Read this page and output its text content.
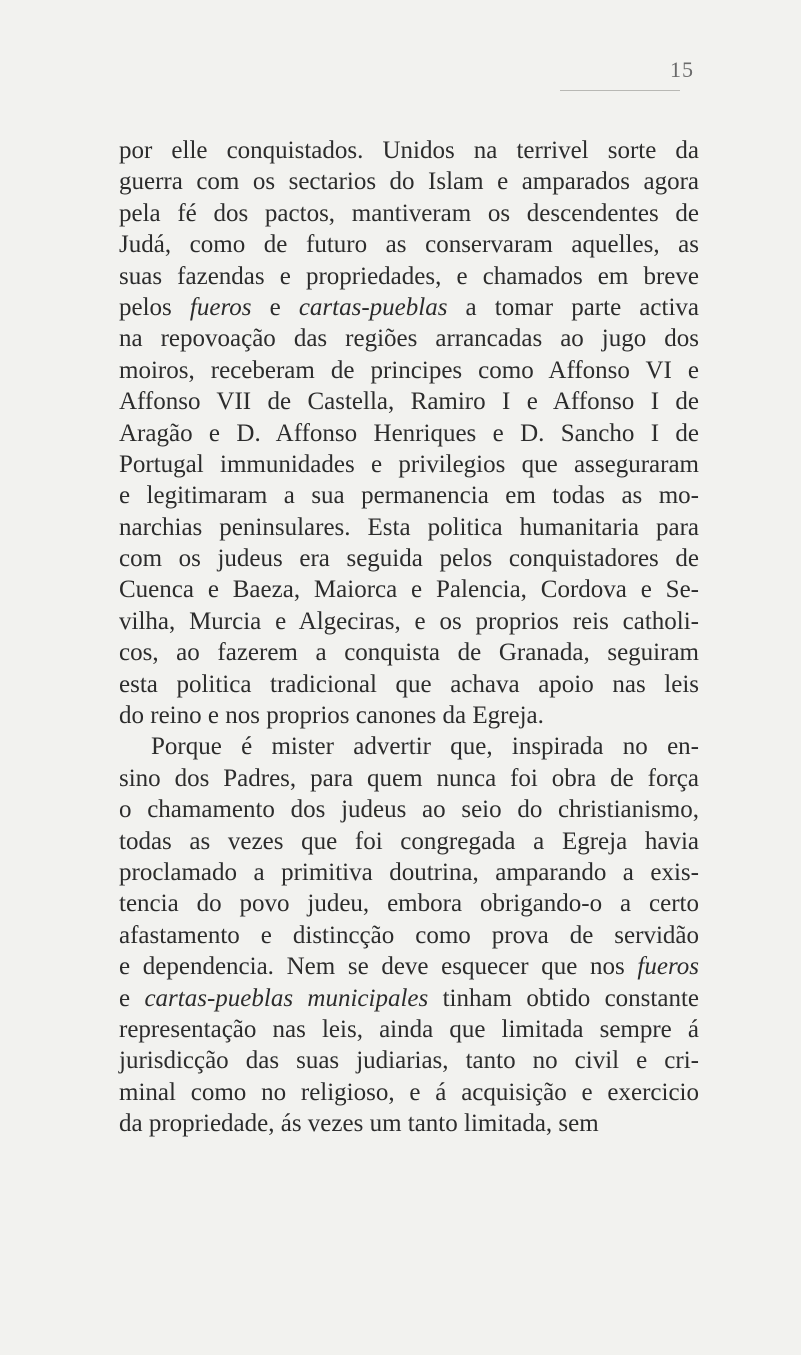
15
por elle conquistados. Unidos na terrivel sorte da
guerra com os sectarios do Islam e amparados agora
pela fé dos pactos, mantiveram os descendentes de
Judá, como de futuro as conservaram aquelles, as
suas fazendas e propriedades, e chamados em breve
pelos fueros e cartas-pueblas a tomar parte activa
na repovoação das regiões arrancadas ao jugo dos
moiros, receberam de principes como Affonso VI e
Affonso VII de Castella, Ramiro I e Affonso I de
Aragão e D. Affonso Henriques e D. Sancho I de
Portugal immunidades e privilegios que asseguraram
e legitimaram a sua permanencia em todas as mo-
narchias peninsulares. Esta politica humanitaria para
com os judeus era seguida pelos conquistadores de
Cuenca e Baeza, Maiorca e Palencia, Cordova e Se-
vilha, Murcia e Algeciras, e os proprios reis catholi-
cos, ao fazerem a conquista de Granada, seguiram
esta politica tradicional que achava apoio nas leis
do reino e nos proprios canones da Egreja.
Porque é mister advertir que, inspirada no en-
sino dos Padres, para quem nunca foi obra de força
o chamamento dos judeus ao seio do christianismo,
todas as vezes que foi congregada a Egreja havia
proclamado a primitiva doutrina, amparando a exis-
tencia do povo judeu, embora obrigando-o a certo
afastamento e distincção como prova de servidão
e dependencia. Nem se deve esquecer que nos fueros
e cartas-pueblas municipales tinham obtido constante
representação nas leis, ainda que limitada sempre á
jurisdicção das suas judiarias, tanto no civil e cri-
minal como no religioso, e á acquisição e exercicio
da propriedade, ás vezes um tanto limitada, sem
